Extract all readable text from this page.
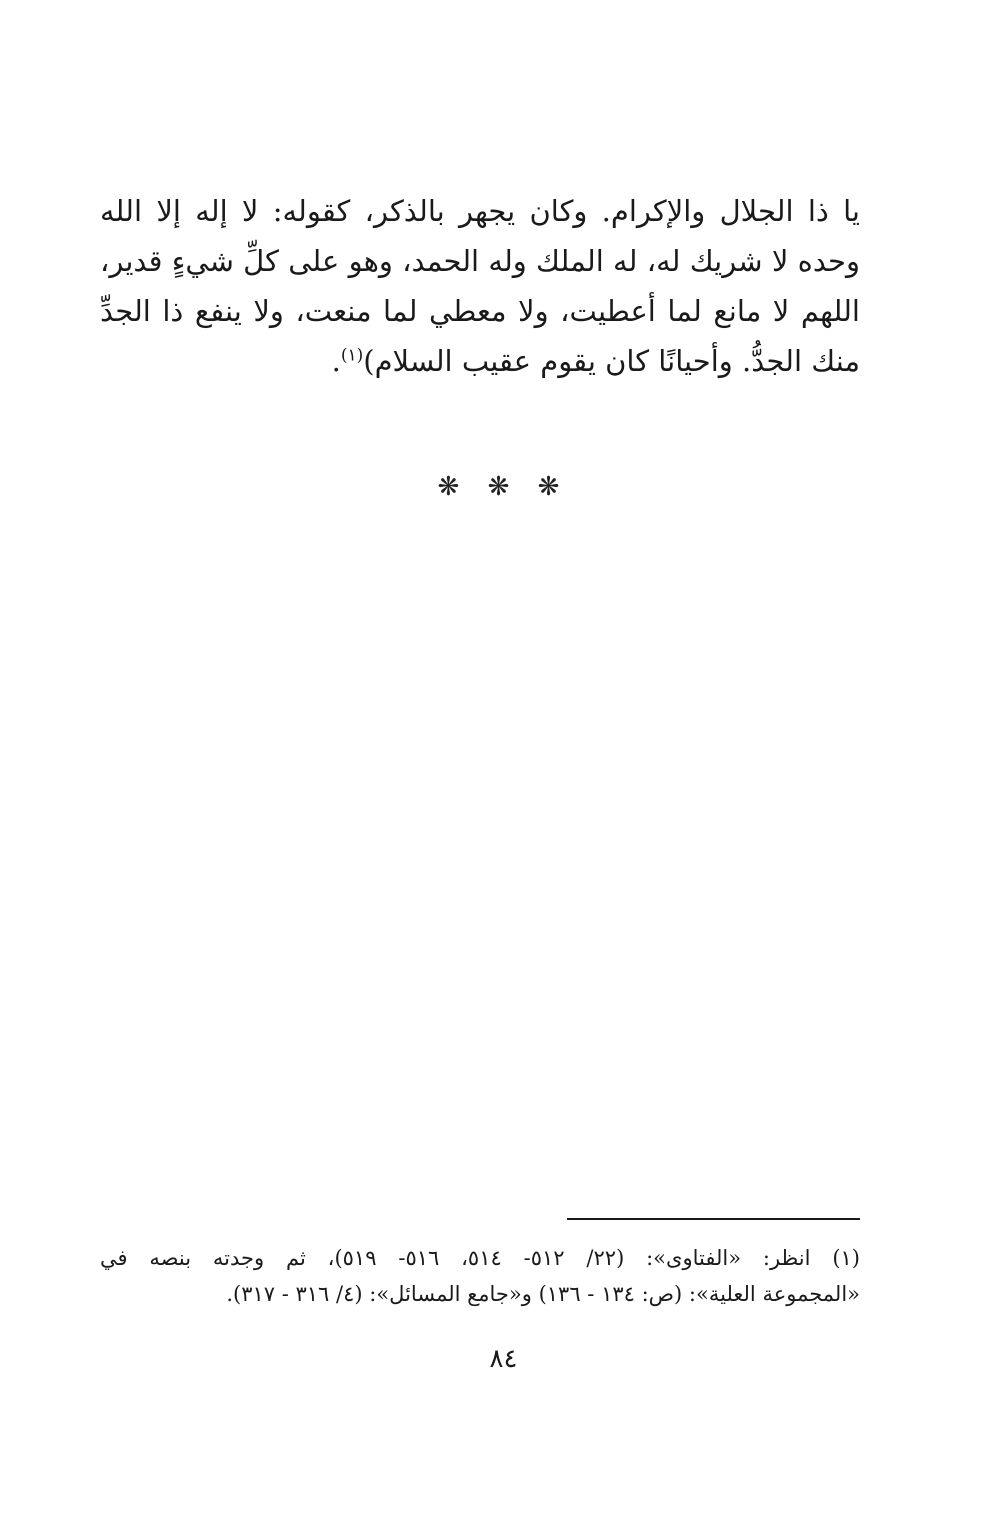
يا ذا الجلال والإكرام. وكان يجهر بالذكر، كقوله: لا إله إلا الله
وحده لا شريك له، له الملك وله الحمد، وهو على كلِّ شيءٍ قدير،
اللهم لا مانع لما أعطيت، ولا معطي لما منعت، ولا ينفع ذا الجدِّ
منك الجدُّ. وأحيانًا كان يقوم عقيب السلام)$^{(١)}$.
❋ ❋ ❋
(١) انظر: «الفتاوى»: (٢٢/ ٥١٢- ٥١٤، ٥١٦- ٥١٩)، ثم وجدته بنصه في
«المجموعة العلية»: (ص: ١٣٤ - ١٣٦) و«جامع المسائل»: (٤/ ٣١٦ - ٣١٧).
٨٤
